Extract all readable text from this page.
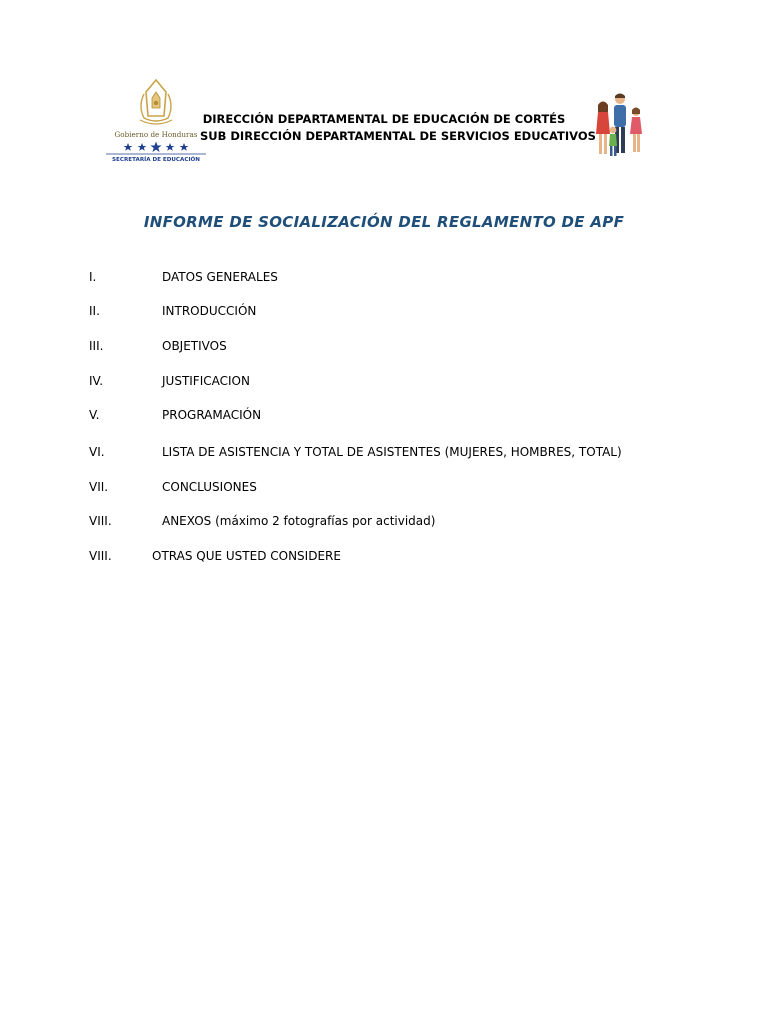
Gobierno de Honduras
SECRETARÍA DE EDUCACIÓN
DIRECCIÓN DEPARTAMENTAL DE EDUCACIÓN DE CORTÉS
SUB DIRECCIÓN DEPARTAMENTAL DE SERVICIOS EDUCATIVOS
INFORME DE SOCIALIZACIÓN DEL REGLAMENTO DE APF
I.	DATOS GENERALES
II.	INTRODUCCIÓN
III.	OBJETIVOS
IV.	JUSTIFICACION
V.	PROGRAMACIÓN
VI.	LISTA DE ASISTENCIA Y TOTAL DE ASISTENTES (MUJERES, HOMBRES, TOTAL)
VII.	CONCLUSIONES
VIII.	ANEXOS (máximo 2 fotografías por actividad)
VIII.	OTRAS QUE USTED CONSIDERE
